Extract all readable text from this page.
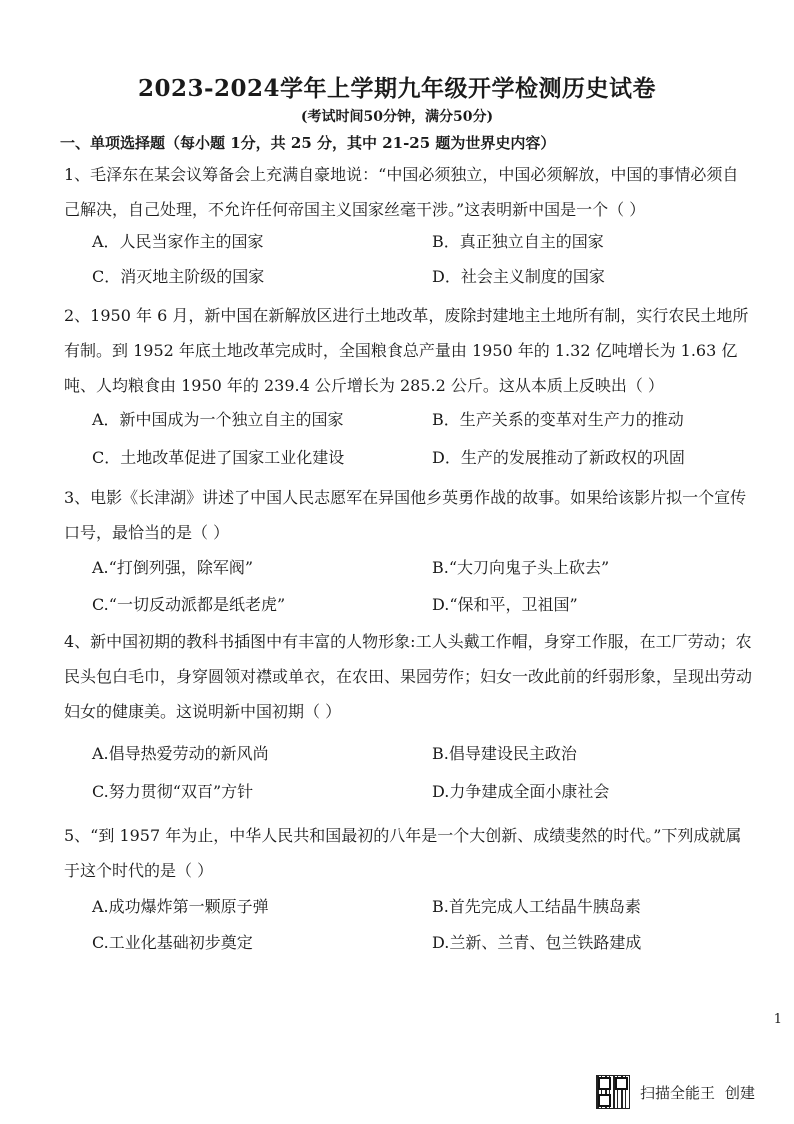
2023-2024学年上学期九年级开学检测历史试卷
(考试时间50分钟，满分50分)
一、单项选择题（每小题 1分，共 25 分，其中 21-25 题为世界史内容）
1、毛泽东在某会议筹备会上充满自豪地说：“中国必须独立，中国必须解放，中国的事情必须自己解决，自己处理，不允许任何帝国主义国家丝毫干涉。”这表明新中国是一个（ ）
A．人民当家作主的国家	B．真正独立自主的国家
C．消灭地主阶级的国家	D．社会主义制度的国家
2、1950 年 6 月，新中国在新解放区进行土地改革，废除封建地主土地所有制，实行农民土地所有制。到 1952 年底土地改革完成时，全国粮食总产量由 1950 年的 1.32 亿吨增长为 1.63 亿吨、人均粮食由 1950 年的 239.4 公斤增长为 285.2 公斤。这从本质上反映出（ ）
A．新中国成为一个独立自主的国家	B．生产关系的变革对生产力的推动
C．土地改革促进了国家工业化建设	D．生产的发展推动了新政权的巩固
3、电影《长津湖》讲述了中国人民志愿军在异国他乡英勇作战的故事。如果给该影片拟一个宣传口号，最恰当的是（ ）
A.“打倒列强，除军阀”	B.“大刀向鬼子头上砍去”
C.“一切反动派都是纸老虎”	D.“保和平，卫祖国”
4、新中国初期的教科书插图中有丰富的人物形象:工人头戴工作帽，身穿工作服，在工厂劳动；农民头包白毛巾，身穿圆领对襟或单衣，在农田、果园劳作；妇女一改此前的纤弱形象，呈现出劳动妇女的健康美。这说明新中国初期（ ）
A.倡导热爱劳动的新风尚	B.倡导建设民主政治
C.努力贯彻“双百”方针	D.力争建成全面小康社会
5、“到 1957 年为止，中华人民共和国最初的八年是一个大创新、成绩斐然的时代。”下列成就属于这个时代的是（ ）
A.成功爆炸第一颗原子弹	B.首先完成人工结晶牛胰岛素
C.工业化基础初步奠定	D.兰新、兰青、包兰铁路建成
1
扫描全能王 创建
